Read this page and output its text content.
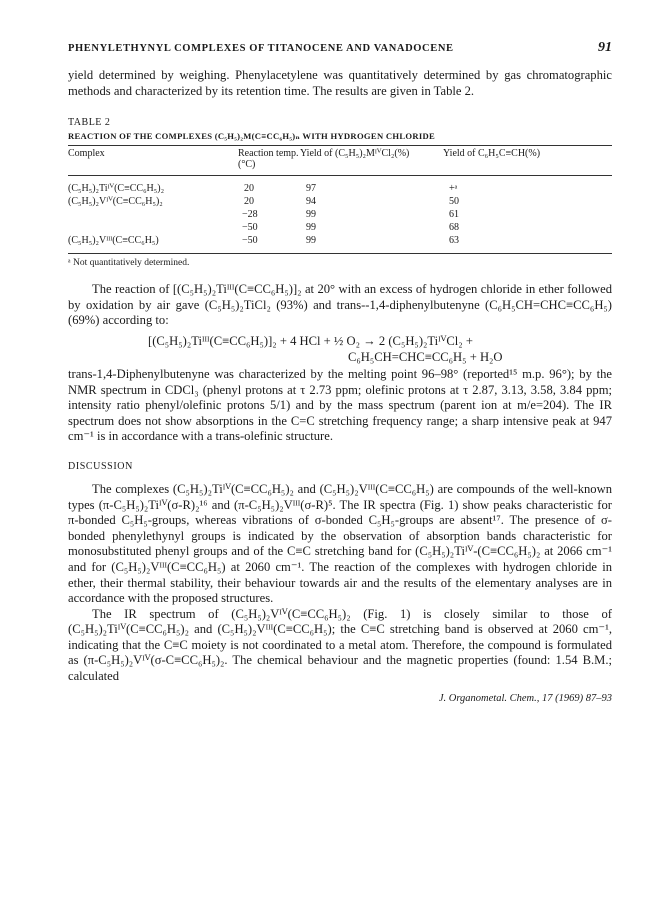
PHENYLETHYNYL COMPLEXES OF TITANOCENE AND VANADOCENE	91

yield determined by weighing. Phenylacetylene was quantitatively determined by gas chromatographic methods and characterized by its retention time. The results are given in Table 2.

TABLE 2
REACTION OF THE COMPLEXES (C₅H₅)₂M(C≡CC₆H₅)ₙ WITH HYDROGEN CHLORIDE
Complex	Reaction temp. (°C)	Yield of (C₅H₅)₂MᴵⱽCl₂(%)	Yield of C₆H₅C≡CH(%)
(C₅H₅)₂Tiᴵⱽ(C≡CC₆H₅)₂	20	97	+ᵃ
(C₅H₅)₂Vᴵⱽ(C≡CC₆H₅)₂	20	94	50
	−28	99	61
	−50	99	68
(C₅H₅)₂Vᴵᴵᴵ(C≡CC₆H₅)	−50	99	63
ᵃ Not quantitatively determined.

The reaction of [(C₅H₅)₂Tiᴵᴵᴵ(C≡CC₆H₅)]₂ at 20° with an excess of hydrogen chloride in ether followed by oxidation by air gave (C₅H₅)₂TiCl₂ (93%) and trans--1,4-diphenylbutenyne (C₆H₅CH=CHC≡CC₆H₅) (69%) according to:

[(C₅H₅)₂Tiᴵᴵᴵ(C≡CC₆H₅)]₂ + 4 HCl + ½ O₂ → 2 (C₅H₅)₂TiᴵⱽCl₂ +
C₆H₅CH=CHC≡CC₆H₅ + H₂O

trans-1,4-Diphenylbutenyne was characterized by the melting point 96–98° (reported¹⁵ m.p. 96°); by the NMR spectrum in CDCl₃ (phenyl protons at τ 2.73 ppm; olefinic protons at τ 2.87, 3.13, 3.58, 3.84 ppm; intensity ratio phenyl/olefinic protons 5/1) and by the mass spectrum (parent ion at m/e=204). The IR spectrum does not show absorptions in the C=C stretching frequency range; a sharp intensive peak at 947 cm⁻¹ is in accordance with a trans-olefinic structure.

DISCUSSION

The complexes (C₅H₅)₂Tiᴵⱽ(C≡CC₆H₅)₂ and (C₅H₅)₂Vᴵᴵᴵ(C≡CC₆H₅) are compounds of the well-known types (π-C₅H₅)₂Tiᴵⱽ(σ-R)₂¹⁶ and (π-C₅H₅)₂Vᴵᴵᴵ(σ-R)⁵. The IR spectra (Fig. 1) show peaks characteristic for π-bonded C₅H₅-groups, whereas vibrations of σ-bonded C₅H₅-groups are absent¹⁷. The presence of σ-bonded phenylethynyl groups is indicated by the observation of absorption bands characteristic for monosubstituted phenyl groups and of the C≡C stretching band for (C₅H₅)₂Tiᴵⱽ-(C≡CC₆H₅)₂ at 2066 cm⁻¹ and for (C₅H₅)₂Vᴵᴵᴵ(C≡CC₆H₅) at 2060 cm⁻¹. The reaction of the complexes with hydrogen chloride in ether, their thermal stability, their behaviour towards air and the results of the elementary analyses are in accordance with the proposed structures.

The IR spectrum of (C₅H₅)₂Vᴵⱽ(C≡CC₆H₅)₂ (Fig. 1) is closely similar to those of (C₅H₅)₂Tiᴵⱽ(C≡CC₆H₅)₂ and (C₅H₅)₂Vᴵᴵᴵ(C≡CC₆H₅); the C≡C stretching band is observed at 2060 cm⁻¹, indicating that the C≡C moiety is not coordinated to a metal atom. Therefore, the compound is formulated as (π-C₅H₅)₂Vᴵⱽ(σ-C≡CC₆H₅)₂. The chemical behaviour and the magnetic properties (found: 1.54 B.M.; calculated

J. Organometal. Chem., 17 (1969) 87–93
